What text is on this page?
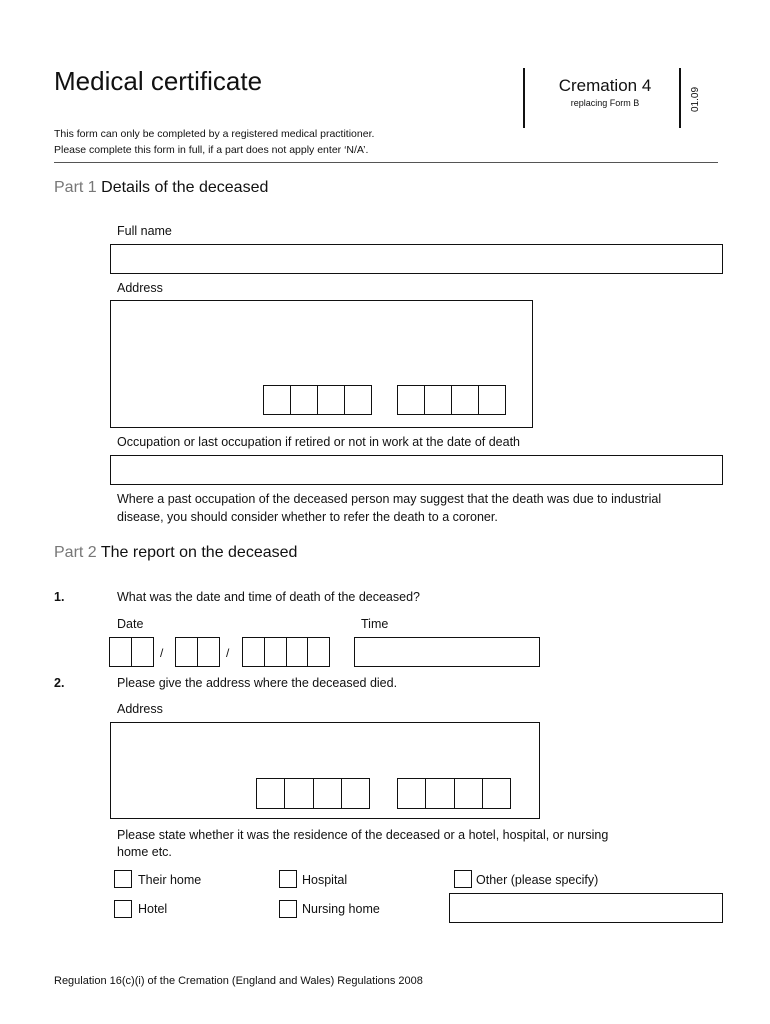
Medical certificate	Cremation 4
replacing Form B	01.09
This form can only be completed by a registered medical practitioner.
Please complete this form in full, if a part does not apply enter ‘N/A’.
Part 1 Details of the deceased
Full name
Address
Occupation or last occupation if retired or not in work at the date of death
Where a past occupation of the deceased person may suggest that the death was due to industrial
disease, you should consider whether to refer the death to a coroner.
Part 2 The report on the deceased
1.	What was the date and time of death of the deceased?
Date	Time
/	/
2.	Please give the address where the deceased died.
Address
Please state whether it was the residence of the deceased or a hotel, hospital, or nursing
home etc.
Their home	Hospital	Other (please specify)
Hotel	Nursing home
Regulation 16(c)(i) of the Cremation (England and Wales) Regulations 2008
